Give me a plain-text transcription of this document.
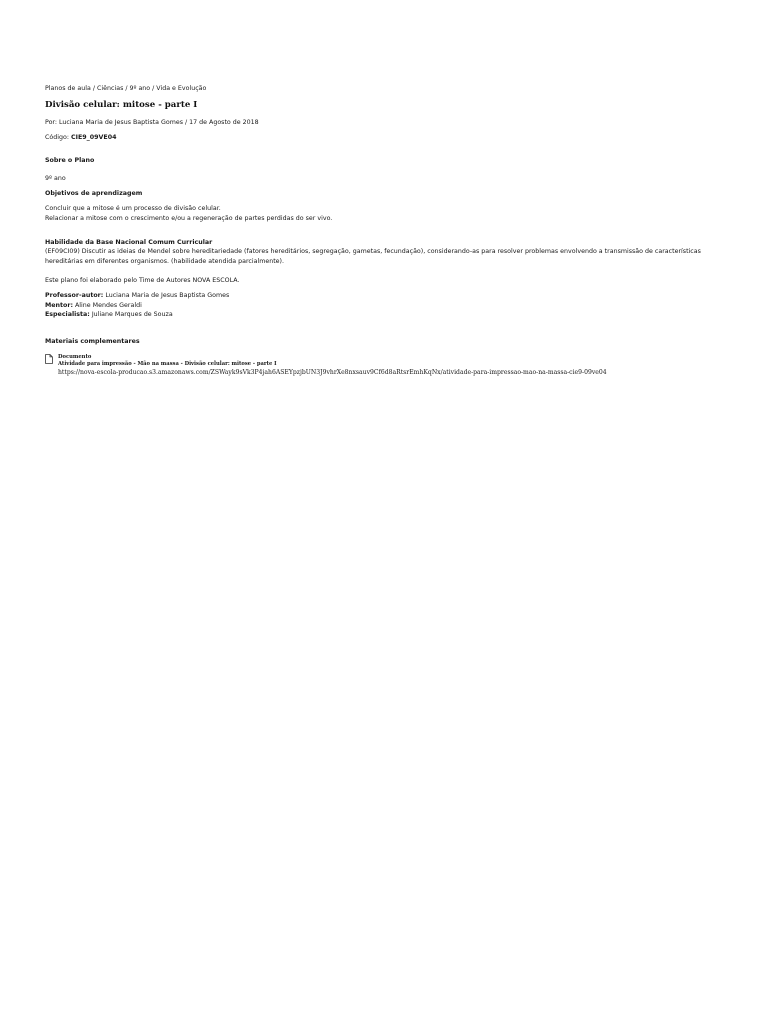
Planos de aula / Ciências / 9º ano / Vida e Evolução
Divisão celular: mitose - parte I
Por: Luciana Maria de Jesus Baptista Gomes / 17 de Agosto de 2018
Código: CIE9_09VE04
Sobre o Plano
9º ano
Objetivos de aprendizagem
Concluir que a mitose é um processo de divisão celular.
Relacionar a mitose com o crescimento e/ou a regeneração de partes perdidas do ser vivo.
Habilidade da Base Nacional Comum Curricular
(EF09CI09) Discutir as ideias de Mendel sobre hereditariedade (fatores hereditários, segregação, gametas, fecundação), considerando-as para resolver problemas envolvendo a transmissão de características hereditárias em diferentes organismos. (habilidade atendida parcialmente).
Este plano foi elaborado pelo Time de Autores NOVA ESCOLA.
Professor-autor: Luciana Maria de Jesus Baptista Gomes
Mentor: Aline Mendes Geraldi
Especialista: Juliane Marques de Souza
Materiais complementares
Documento
Atividade para impressão - Mão na massa - Divisão celular: mitose - parte I
https://nova-escola-producao.s3.amazonaws.com/ZSWayk9sVk3P4jah6ASEYpzjbUN3J9vhrXe8nxsauv9Cf6d8aRtsrEmhKqNx/atividade-para-impressao-mao-na-massa-cie9-09ve04
